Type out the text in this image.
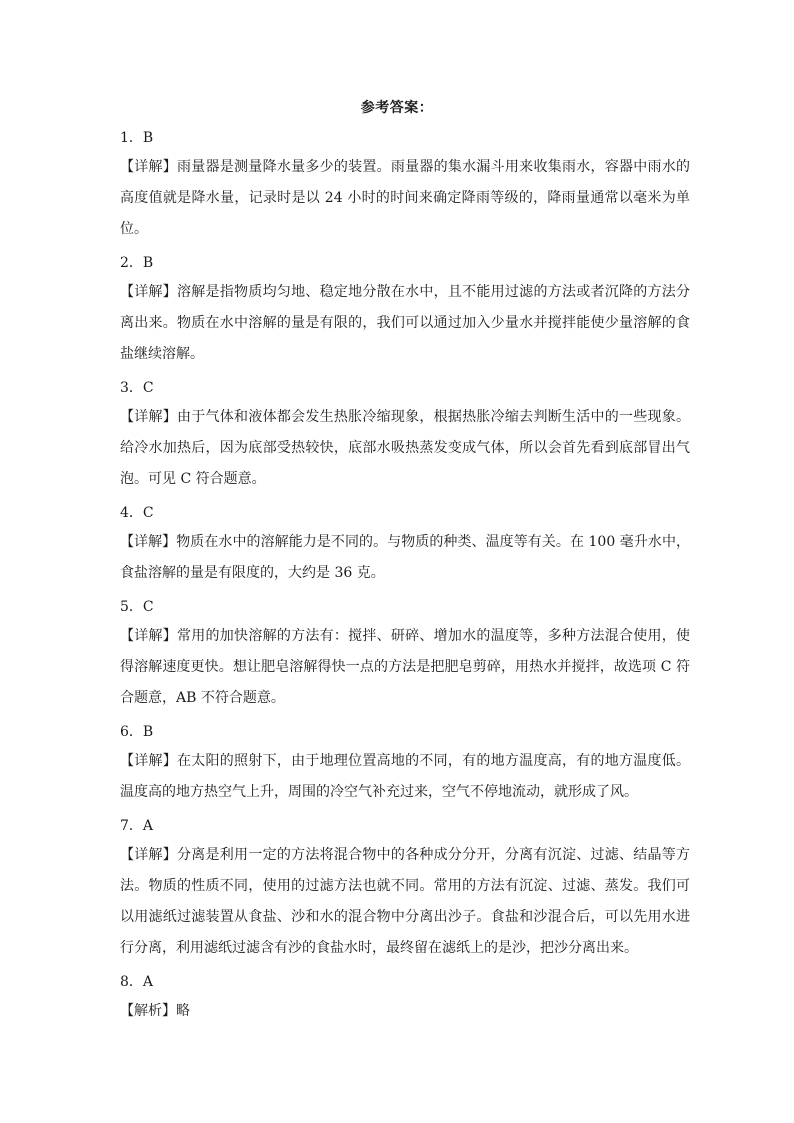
参考答案：
1．B
【详解】雨量器是测量降水量多少的装置。雨量器的集水漏斗用来收集雨水，容器中雨水的高度值就是降水量，记录时是以 24 小时的时间来确定降雨等级的，降雨量通常以毫米为单位。
2．B
【详解】溶解是指物质均匀地、稳定地分散在水中，且不能用过滤的方法或者沉降的方法分离出来。物质在水中溶解的量是有限的，我们可以通过加入少量水并搅拌能使少量溶解的食盐继续溶解。
3．C
【详解】由于气体和液体都会发生热胀冷缩现象，根据热胀冷缩去判断生活中的一些现象。给冷水加热后，因为底部受热较快，底部水吸热蒸发变成气体，所以会首先看到底部冒出气泡。可见 C 符合题意。
4．C
【详解】物质在水中的溶解能力是不同的。与物质的种类、温度等有关。在 100 毫升水中，食盐溶解的量是有限度的，大约是 36 克。
5．C
【详解】常用的加快溶解的方法有：搅拌、研碎、增加水的温度等，多种方法混合使用，使得溶解速度更快。想让肥皂溶解得快一点的方法是把肥皂剪碎，用热水并搅拌，故选项 C 符合题意，AB 不符合题意。
6．B
【详解】在太阳的照射下，由于地理位置高地的不同，有的地方温度高，有的地方温度低。温度高的地方热空气上升，周围的冷空气补充过来，空气不停地流动，就形成了风。
7．A
【详解】分离是利用一定的方法将混合物中的各种成分分开，分离有沉淀、过滤、结晶等方法。物质的性质不同，使用的过滤方法也就不同。常用的方法有沉淀、过滤、蒸发。我们可以用滤纸过滤装置从食盐、沙和水的混合物中分离出沙子。食盐和沙混合后，可以先用水进行分离，利用滤纸过滤含有沙的食盐水时，最终留在滤纸上的是沙，把沙分离出来。
8．A
【解析】略
